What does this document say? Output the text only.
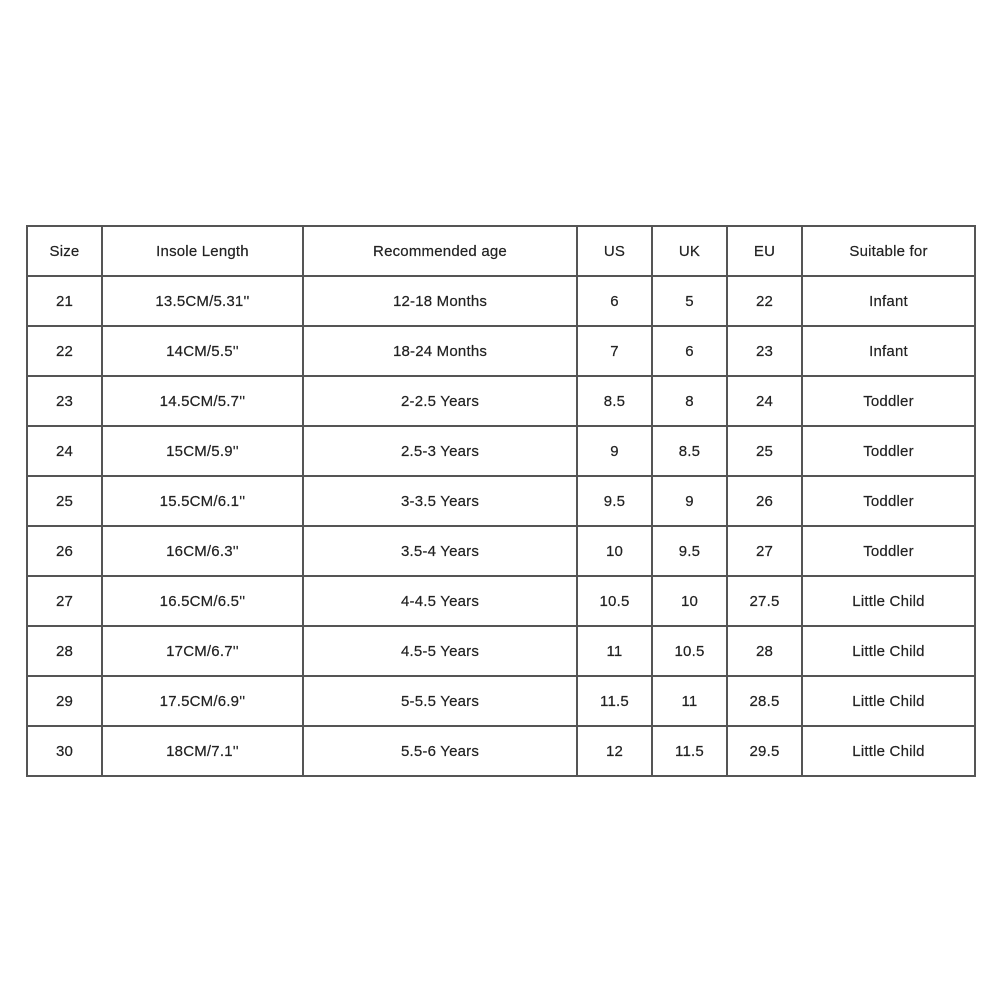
Size	Insole Length	Recommended age	US	UK	EU	Suitable for
21	13.5CM/5.31''	12-18 Months	6	5	22	Infant
22	14CM/5.5''	18-24 Months	7	6	23	Infant
23	14.5CM/5.7''	2-2.5 Years	8.5	8	24	Toddler
24	15CM/5.9''	2.5-3 Years	9	8.5	25	Toddler
25	15.5CM/6.1''	3-3.5 Years	9.5	9	26	Toddler
26	16CM/6.3''	3.5-4 Years	10	9.5	27	Toddler
27	16.5CM/6.5''	4-4.5 Years	10.5	10	27.5	Little Child
28	17CM/6.7''	4.5-5 Years	11	10.5	28	Little Child
29	17.5CM/6.9''	5-5.5 Years	11.5	11	28.5	Little Child
30	18CM/7.1''	5.5-6 Years	12	11.5	29.5	Little Child
